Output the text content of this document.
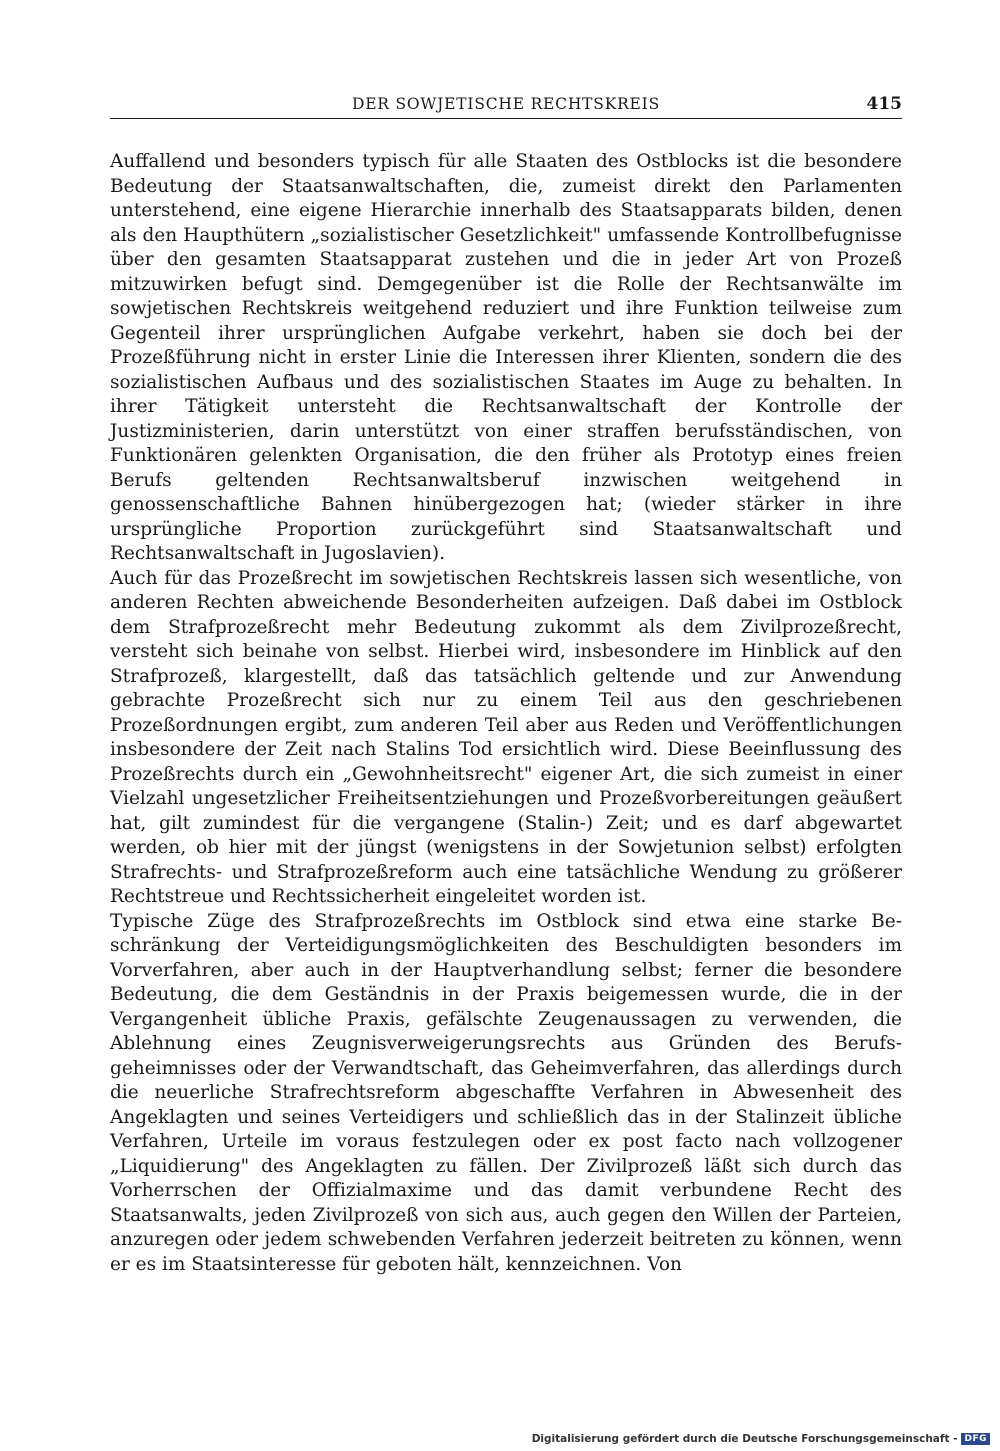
DER SOWJETISCHE RECHTSKREIS	415

Auffallend und besonders typisch für alle Staaten des Ostblocks ist die besondere Bedeutung der Staatsanwaltschaften, die, zumeist direkt den Parlamenten unterstehend, eine eigene Hierarchie innerhalb des Staatsapparats bilden, denen als den Haupthütern „sozialistischer Gesetzlichkeit" umfassende Kontrollbefugnisse über den gesamten Staatsapparat zustehen und die in jeder Art von Prozeß mitzuwirken befugt sind. Demgegenüber ist die Rolle der Rechtsanwälte im sowjetischen Rechtskreis weitgehend reduziert und ihre Funktion teilweise zum Gegenteil ihrer ursprünglichen Aufgabe verkehrt, haben sie doch bei der Prozeßführung nicht in erster Linie die Interessen ihrer Klienten, sondern die des sozialistischen Aufbaus und des sozialistischen Staates im Auge zu behalten. In ihrer Tätigkeit untersteht die Rechtsanwaltschaft der Kontrolle der Justizministerien, darin unterstützt von einer straffen berufsständischen, von Funktionären gelenkten Organisation, die den früher als Prototyp eines freien Berufs geltenden Rechtsanwaltsberuf inzwischen weitgehend in genossenschaftliche Bahnen hinübergezogen hat; (wieder stärker in ihre ursprüngliche Proportion zurückgeführt sind Staatsanwaltschaft und Rechtsanwaltschaft in Jugoslavien).

Auch für das Prozeßrecht im sowjetischen Rechtskreis lassen sich wesentliche, von anderen Rechten abweichende Besonderheiten aufzeigen. Daß dabei im Ostblock dem Strafprozeßrecht mehr Bedeutung zukommt als dem Zivilprozeßrecht, versteht sich beinahe von selbst. Hierbei wird, insbesondere im Hinblick auf den Strafprozeß, klargestellt, daß das tatsächlich geltende und zur Anwendung gebrachte Prozeßrecht sich nur zu einem Teil aus den geschriebenen Prozeßordnungen ergibt, zum anderen Teil aber aus Reden und Veröffentlichungen insbesondere der Zeit nach Stalins Tod ersichtlich wird. Diese Beeinflussung des Prozeßrechts durch ein „Gewohnheitsrecht" eigener Art, die sich zumeist in einer Vielzahl ungesetzlicher Freiheitsentziehungen und Prozeßvorbereitungen geäußert hat, gilt zumindest für die vergangene (Stalin-) Zeit; und es darf abgewartet werden, ob hier mit der jüngst (wenigstens in der Sowjetunion selbst) erfolgten Strafrechts- und Strafprozeßreform auch eine tatsächliche Wendung zu größerer Rechtstreue und Rechtssicherheit eingeleitet worden ist.

Typische Züge des Strafprozeßrechts im Ostblock sind etwa eine starke Beschränkung der Verteidigungsmöglichkeiten des Beschuldigten besonders im Vorverfahren, aber auch in der Hauptverhandlung selbst; ferner die besondere Bedeutung, die dem Geständnis in der Praxis beigemessen wurde, die in der Vergangenheit übliche Praxis, gefälschte Zeugenaussagen zu verwenden, die Ablehnung eines Zeugnisverweigerungsrechts aus Gründen des Berufsgeheimnisses oder der Verwandtschaft, das Geheimverfahren, das allerdings durch die neuerliche Strafrechtsreform abgeschaffte Verfahren in Abwesenheit des Angeklagten und seines Verteidigers und schließlich das in der Stalinzeit übliche Verfahren, Urteile im voraus festzulegen oder ex post facto nach vollzogener „Liquidierung" des Angeklagten zu fällen. Der Zivilprozeß läßt sich durch das Vorherrschen der Offizialmaxime und das damit verbundene Recht des Staatsanwalts, jeden Zivilprozeß von sich aus, auch gegen den Willen der Parteien, anzuregen oder jedem schwebenden Verfahren jederzeit beitreten zu können, wenn er es im Staatsinteresse für geboten hält, kennzeichnen. Von

Digitalisierung gefördert durch die Deutsche Forschungsgemeinschaft - DFG
